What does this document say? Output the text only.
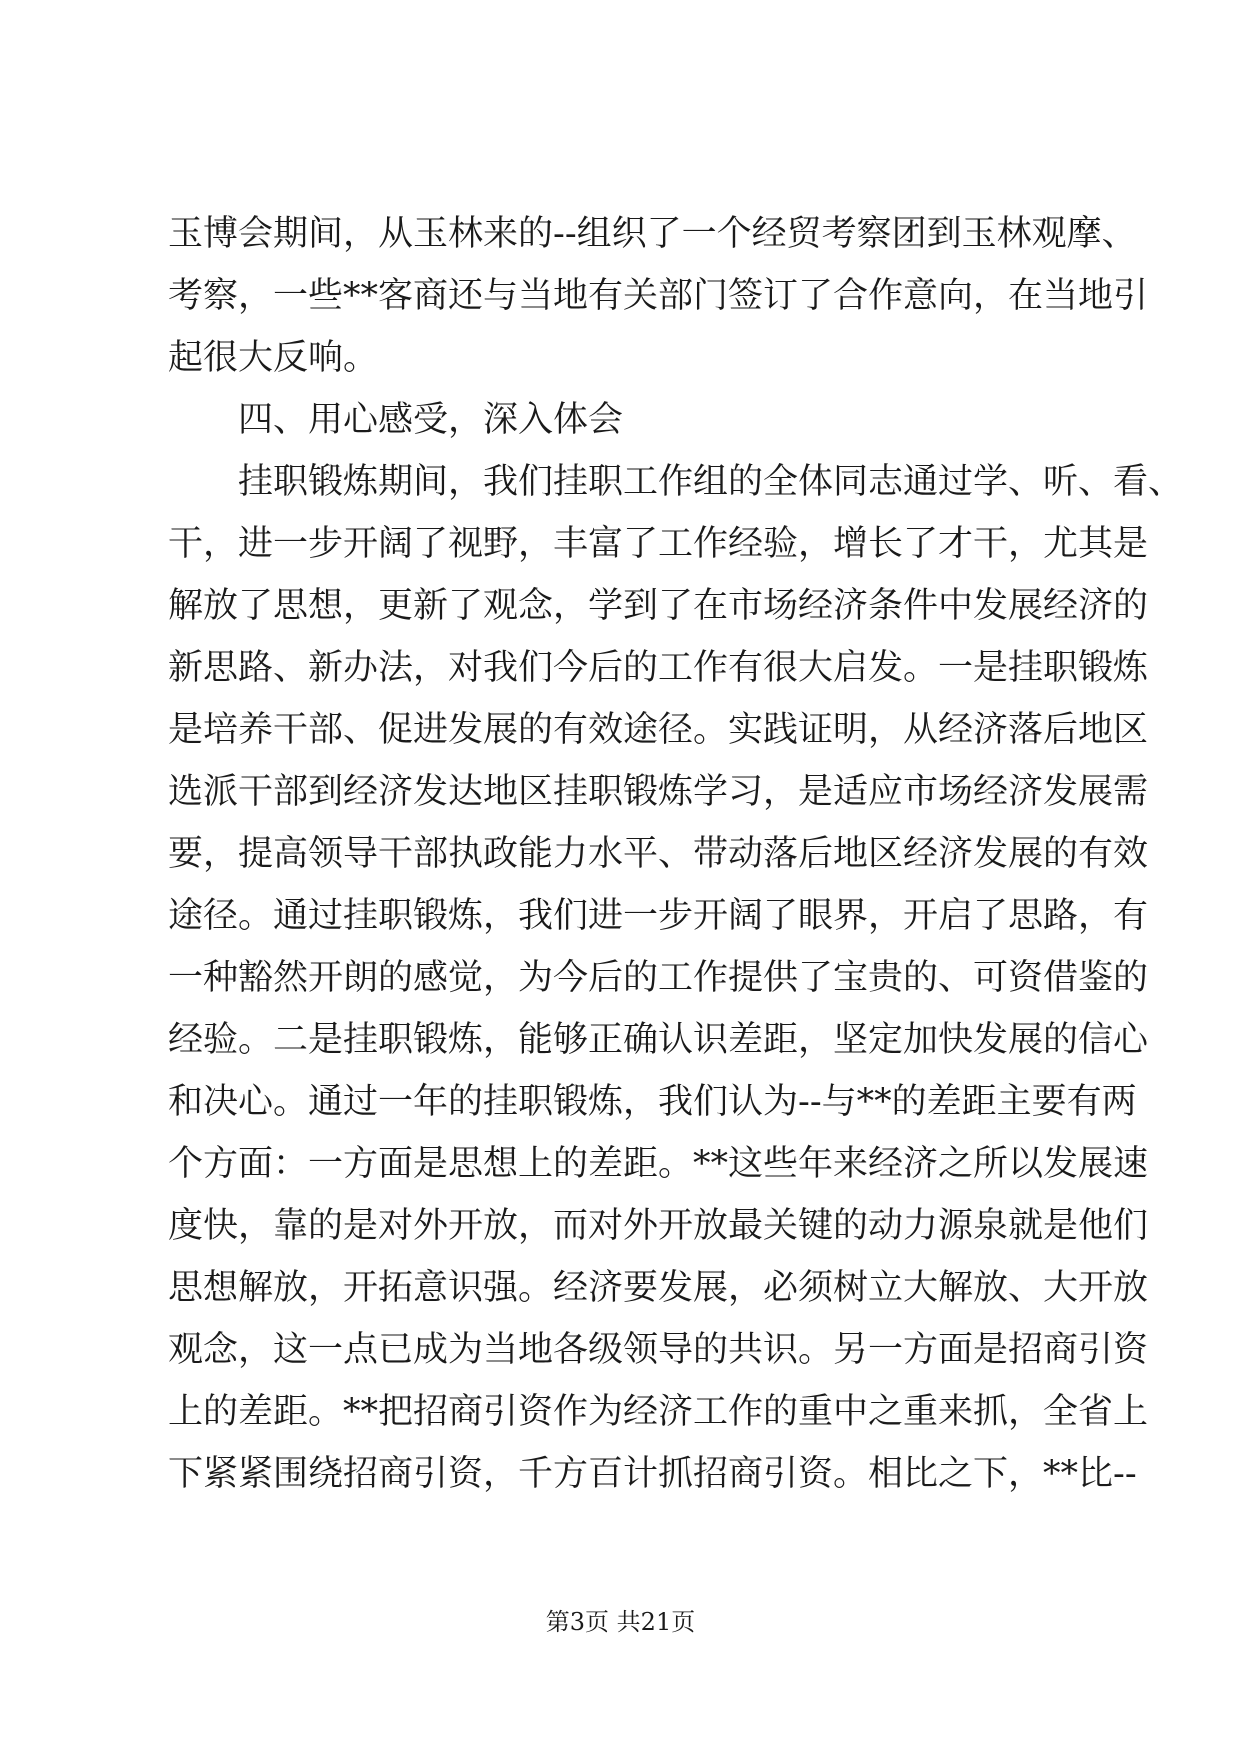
玉博会期间，从玉林来的--组织了一个经贸考察团到玉林观摩、
考察，一些**客商还与当地有关部门签订了合作意向，在当地引
起很大反响。
四、用心感受，深入体会
挂职锻炼期间，我们挂职工作组的全体同志通过学、听、看、
干，进一步开阔了视野，丰富了工作经验，增长了才干，尤其是
解放了思想，更新了观念，学到了在市场经济条件中发展经济的
新思路、新办法，对我们今后的工作有很大启发。一是挂职锻炼
是培养干部、促进发展的有效途径。实践证明，从经济落后地区
选派干部到经济发达地区挂职锻炼学习，是适应市场经济发展需
要，提高领导干部执政能力水平、带动落后地区经济发展的有效
途径。通过挂职锻炼，我们进一步开阔了眼界，开启了思路，有
一种豁然开朗的感觉，为今后的工作提供了宝贵的、可资借鉴的
经验。二是挂职锻炼，能够正确认识差距，坚定加快发展的信心
和决心。通过一年的挂职锻炼，我们认为--与**的差距主要有两
个方面：一方面是思想上的差距。**这些年来经济之所以发展速
度快，靠的是对外开放，而对外开放最关键的动力源泉就是他们
思想解放，开拓意识强。经济要发展，必须树立大解放、大开放
观念，这一点已成为当地各级领导的共识。另一方面是招商引资
上的差距。**把招商引资作为经济工作的重中之重来抓，全省上
下紧紧围绕招商引资，千方百计抓招商引资。相比之下，**比--
第3页 共21页
